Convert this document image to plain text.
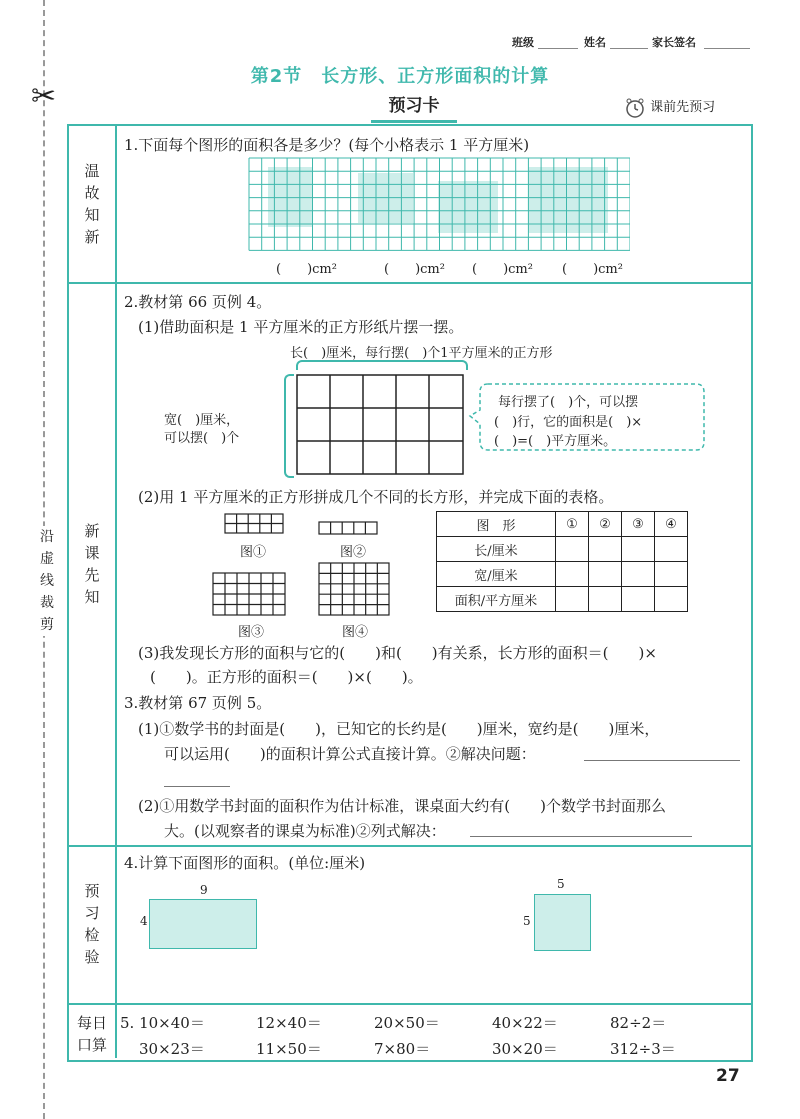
✂
沿虚线裁剪
班级	姓名	家长签名
第2节　长方形、正方形面积的计算
预习卡	课前先预习
温故知新
新课先知
预习检验
每日口算
1.下面每个图形的面积各是多少？(每个小格表示 1 平方厘米)
(　　)cm²	(　　)cm² (　　)cm² (　　)cm²
2.教材第 66 页例 4。
(1)借助面积是 1 平方厘米的正方形纸片摆一摆。
长(　)厘米，每行摆(　)个1平方厘米的正方形
宽(　)厘米，
可以摆(　)个
每行摆了(　)个，可以摆
(　)行，它的面积是(　)×
(　)=(　)平方厘米。
(2)用 1 平方厘米的正方形拼成几个不同的长方形，并完成下面的表格。
图①	图②
图③	图④
图　形	①	②	③	④
长/厘米				
宽/厘米				
面积/平方厘米				
(3)我发现长方形的面积与它的(　　)和(　　)有关系，长方形的面积＝(　　)×
(　　)。正方形的面积＝(　　)×(　　)。
3.教材第 67 页例 5。
(1)①数学书的封面是(　　)，已知它的长约是(　　)厘米，宽约是(　　)厘米，
可以运用(　　)的面积计算公式直接计算。②解决问题：
(2)①用数学书封面的面积作为估计标准，课桌面大约有(　　)个数学书封面那么
大。(以观察者的课桌为标准)②列式解决：
4.计算下面图形的面积。(单位:厘米)
9
4
5
5
5. 10×40＝	12×40＝	20×50＝	40×22＝	82÷2＝
30×23＝	11×50＝	7×80＝	30×20＝	312÷3＝
27
